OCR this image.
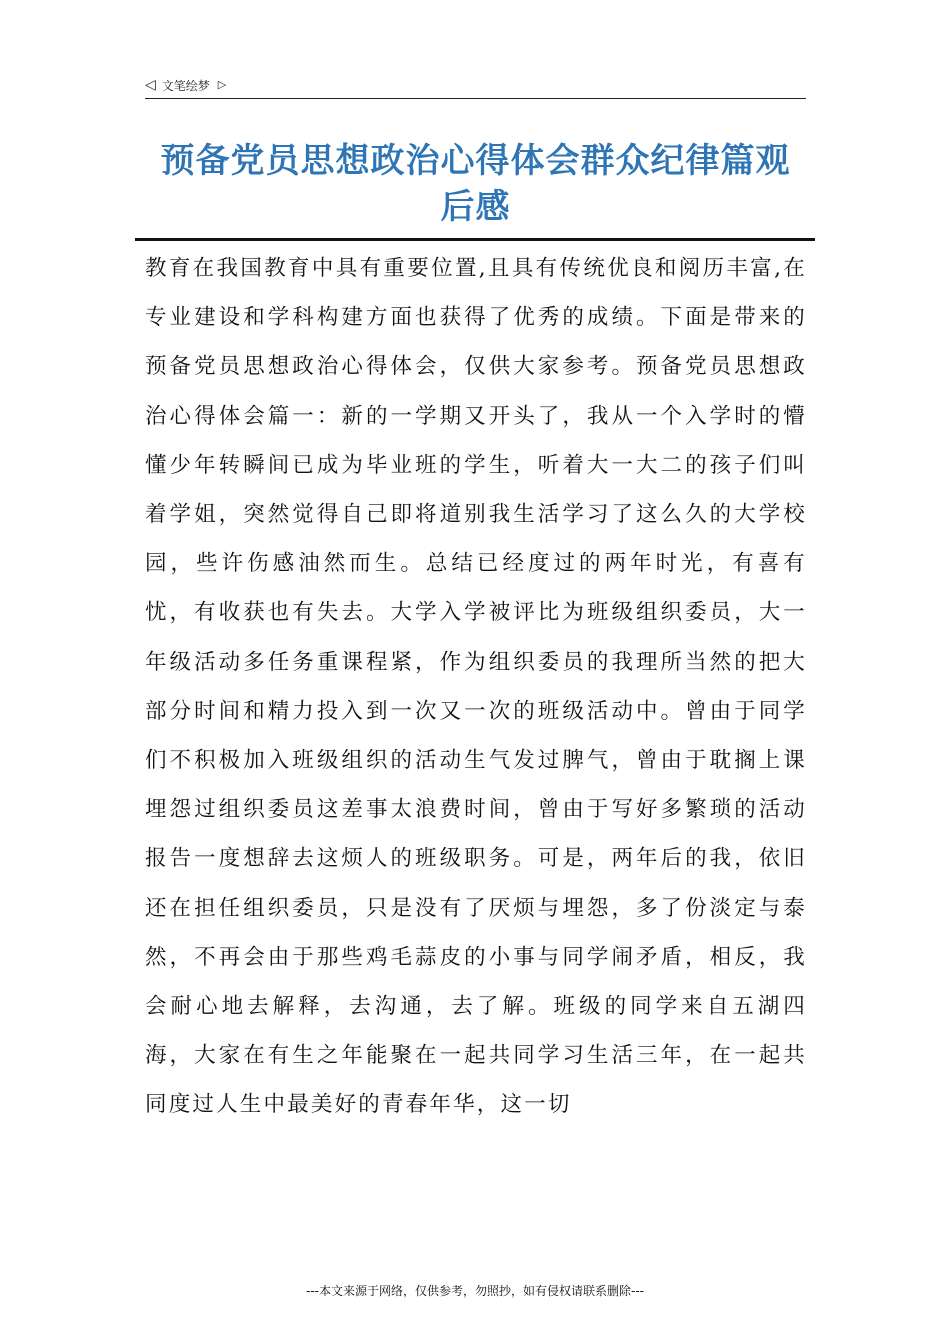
◁ 文笔绘梦 ▷
预备党员思想政治心得体会群众纪律篇观后感

教育在我国教育中具有重要位置,且具有传统优良和阅历丰富,在专业建设和学科构建方面也获得了优秀的成绩。下面是带来的预备党员思想政治心得体会，仅供大家参考。预备党员思想政治心得体会篇一：新的一学期又开头了，我从一个入学时的懵懂少年转瞬间已成为毕业班的学生，听着大一大二的孩子们叫着学姐，突然觉得自己即将道别我生活学习了这么久的大学校园，些许伤感油然而生。总结已经度过的两年时光，有喜有忧，有收获也有失去。大学入学被评比为班级组织委员，大一年级活动多任务重课程紧，作为组织委员的我理所当然的把大部分时间和精力投入到一次又一次的班级活动中。曾由于同学们不积极加入班级组织的活动生气发过脾气，曾由于耽搁上课埋怨过组织委员这差事太浪费时间，曾由于写好多繁琐的活动报告一度想辞去这烦人的班级职务。可是，两年后的我，依旧还在担任组织委员，只是没有了厌烦与埋怨，多了份淡定与泰然，不再会由于那些鸡毛蒜皮的小事与同学闹矛盾，相反，我会耐心地去解释，去沟通，去了解。班级的同学来自五湖四海，大家在有生之年能聚在一起共同学习生活三年，在一起共同度过人生中最美好的青春年华，这一切

---本文来源于网络，仅供参考，勿照抄，如有侵权请联系删除---
